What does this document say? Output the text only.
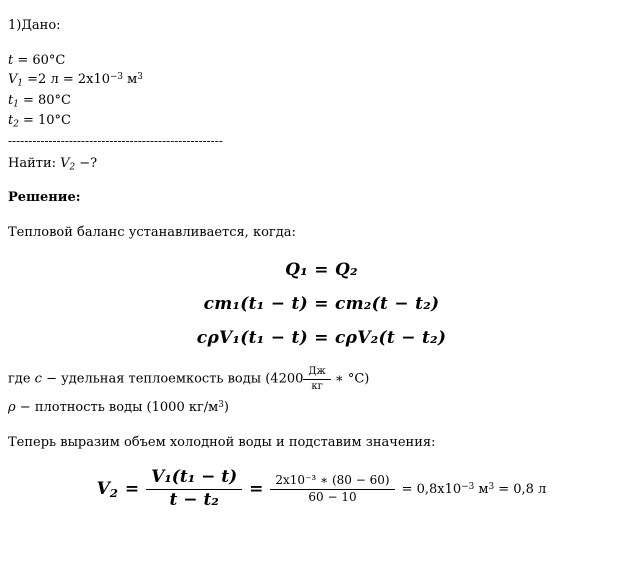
1)Дано:
t = 60°C
$V_1 =2$ $л = 2x10^{-3}$ $м^3$
$t_1 = 80^\circ C$
$t_2 = 10^\circ C$
-----------------------------------------------------
Найти: $V_2$ −?
Решение:
Тепловой баланс устанавливается, когда:
Q₁ = Q₂
cm₁(t₁ − t) = cm₂(t − t₂)
cρV₁(t₁ − t) = cρV₂(t − t₂)
где c − удельная теплоемкость воды ($4200 \frac{Дж}{кг}$ ∗ °C)
ρ − плотность воды (1000 $кг/м^3$)
Теперь выразим объем холодной воды и подставим значения:
$V_2 = \frac{\text{V₁(t₁ − t)}}{\text{t − t₂}} = \frac{\text{2x10⁻³ ∗ (80 − 60)}}{60 - 10} = 0,8x10^{-3}$ $м^3 = 0,8$ л
